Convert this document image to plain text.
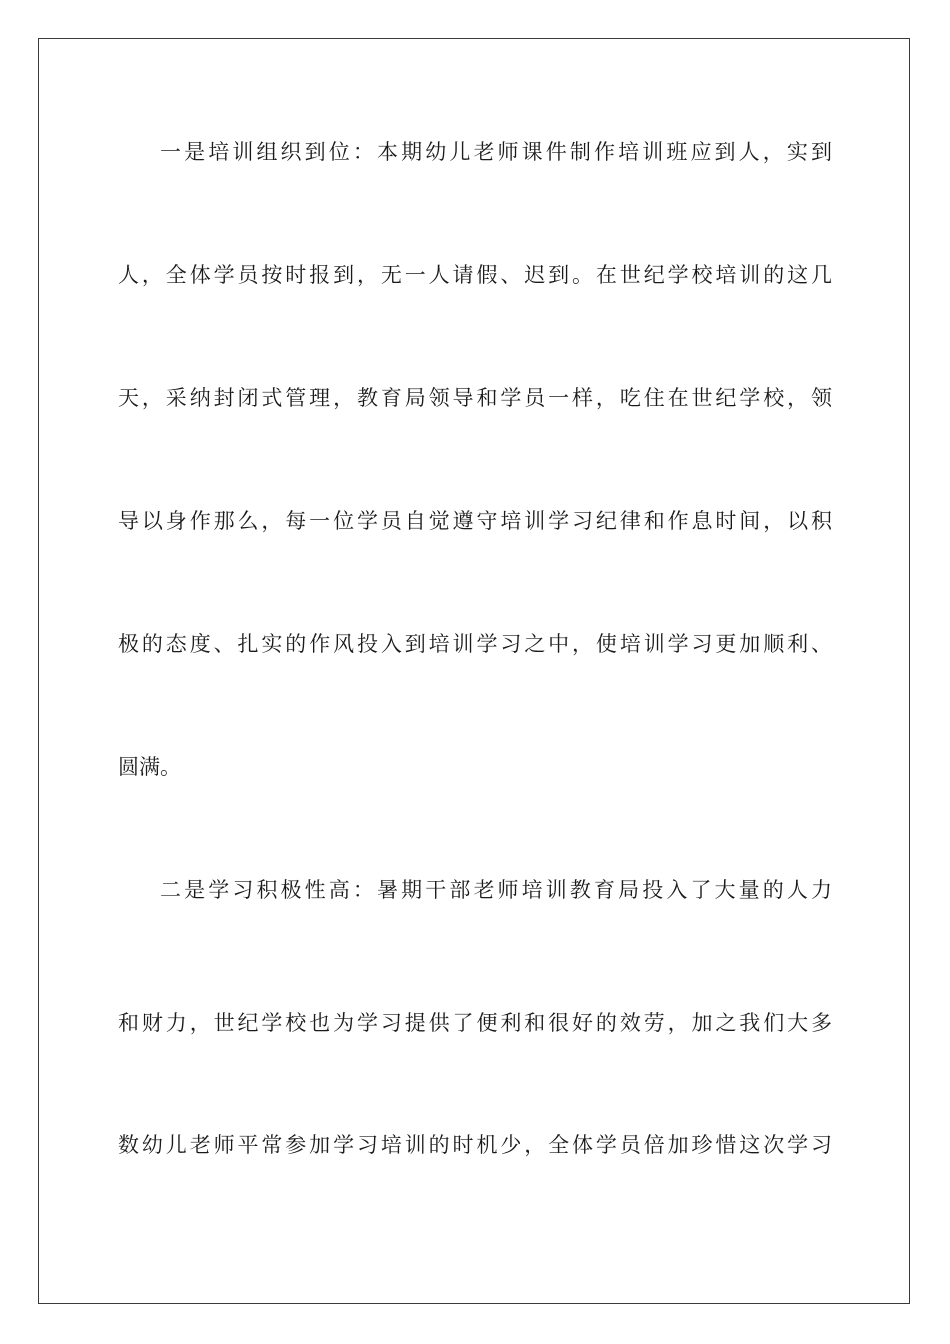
一是培训组织到位：本期幼儿老师课件制作培训班应到人，实到
人，全体学员按时报到，无一人请假、迟到。在世纪学校培训的这几
天，采纳封闭式管理，教育局领导和学员一样，吃住在世纪学校，领
导以身作那么，每一位学员自觉遵守培训学习纪律和作息时间，以积
极的态度、扎实的作风投入到培训学习之中，使培训学习更加顺利、
圆满。
二是学习积极性高：暑期干部老师培训教育局投入了大量的人力
和财力，世纪学校也为学习提供了便利和很好的效劳，加之我们大多
数幼儿老师平常参加学习培训的时机少，全体学员倍加珍惜这次学习
